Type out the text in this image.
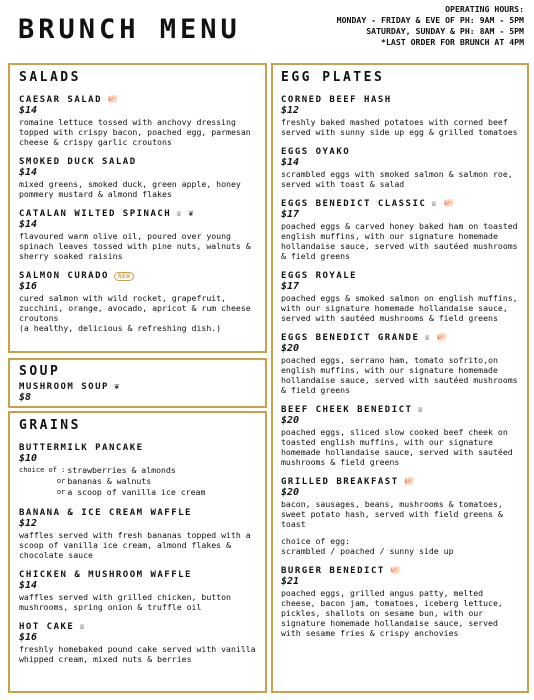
BRUNCH MENU
OPERATING HOURS:
MONDAY - FRIDAY & EVE OF PH: 9AM - 5PM
SATURDAY, SUNDAY & PH: 8AM - 5PM
*LAST ORDER FOR BRUNCH AT 4PM
SALADS
CAESAR SALAD 🐖
$14
romaine lettuce tossed with anchovy dressing topped with crispy bacon, poached egg, parmesan cheese & crispy garlic croutons
SMOKED DUCK SALAD
$14
mixed greens, smoked duck, green apple, honey pommery mustard & almond flakes
CATALAN WILTED SPINACH ♕ ❦
$14
flavoured warm olive oil, poured over young spinach leaves tossed with pine nuts, walnuts & sherry soaked raisins
SALMON CURADO	NEW
$16
cured salmon with wild rocket, grapefruit, zucchini, orange, avocado, apricot & rum cheese croutons
(a healthy, delicious & refreshing dish.)
SOUP
MUSHROOM SOUP ❦
$8
GRAINS
BUTTERMILK PANCAKE
$10
choice of :	strawberries & almonds
or	bananas & walnuts
or	a scoop of vanilla ice cream
BANANA & ICE CREAM WAFFLE
$12
waffles served with fresh bananas topped with a scoop of vanilla ice cream, almond flakes & chocolate sauce
CHICKEN & MUSHROOM WAFFLE
$14
waffles served with grilled chicken, button mushrooms, spring onion & truffle oil
HOT CAKE ♕
$16
freshly homebaked pound cake served with vanilla whipped cream, mixed nuts & berries
EGG PLATES
CORNED BEEF HASH
$12
freshly baked mashed potatoes with corned beef served with sunny side up egg & grilled tomatoes
EGGS OYAKO
$14
scrambled eggs with smoked salmon & salmon roe, served with toast & salad
EGGS BENEDICT CLASSIC ♕ 🐖
$17
poached eggs & carved honey baked ham on toasted english muffins, with our signature homemade hollandaise sauce, served with sautéed mushrooms & field greens
EGGS ROYALE
$17
poached eggs & smoked salmon on english muffins, with our signature homemade hollandaise sauce, served with sautéed mushrooms & field greens
EGGS BENEDICT GRANDE ♕ 🐖
$20
poached eggs, serrano ham, tomato sofrito,on english muffins, with our signature homemade hollandaise sauce, served with sautéed mushrooms & field greens
BEEF CHEEK BENEDICT ♕
$20
poached eggs, sliced slow cooked beef cheek on toasted english muffins, with our signature homemade hollandaise sauce, served with sautéed mushrooms & field greens
GRILLED BREAKFAST 🐖
$20
bacon, sausages, beans, mushrooms & tomatoes, sweet potato hash, served with field greens & toast
choice of egg:
scrambled / poached / sunny side up
BURGER BENEDICT 🐖
$21
poached eggs, grilled angus patty, melted cheese, bacon jam, tomatoes, iceberg lettuce, pickles, shallots on sesame bun, with our signature homemade hollandaise sauce, served with sesame fries & crispy anchovies
